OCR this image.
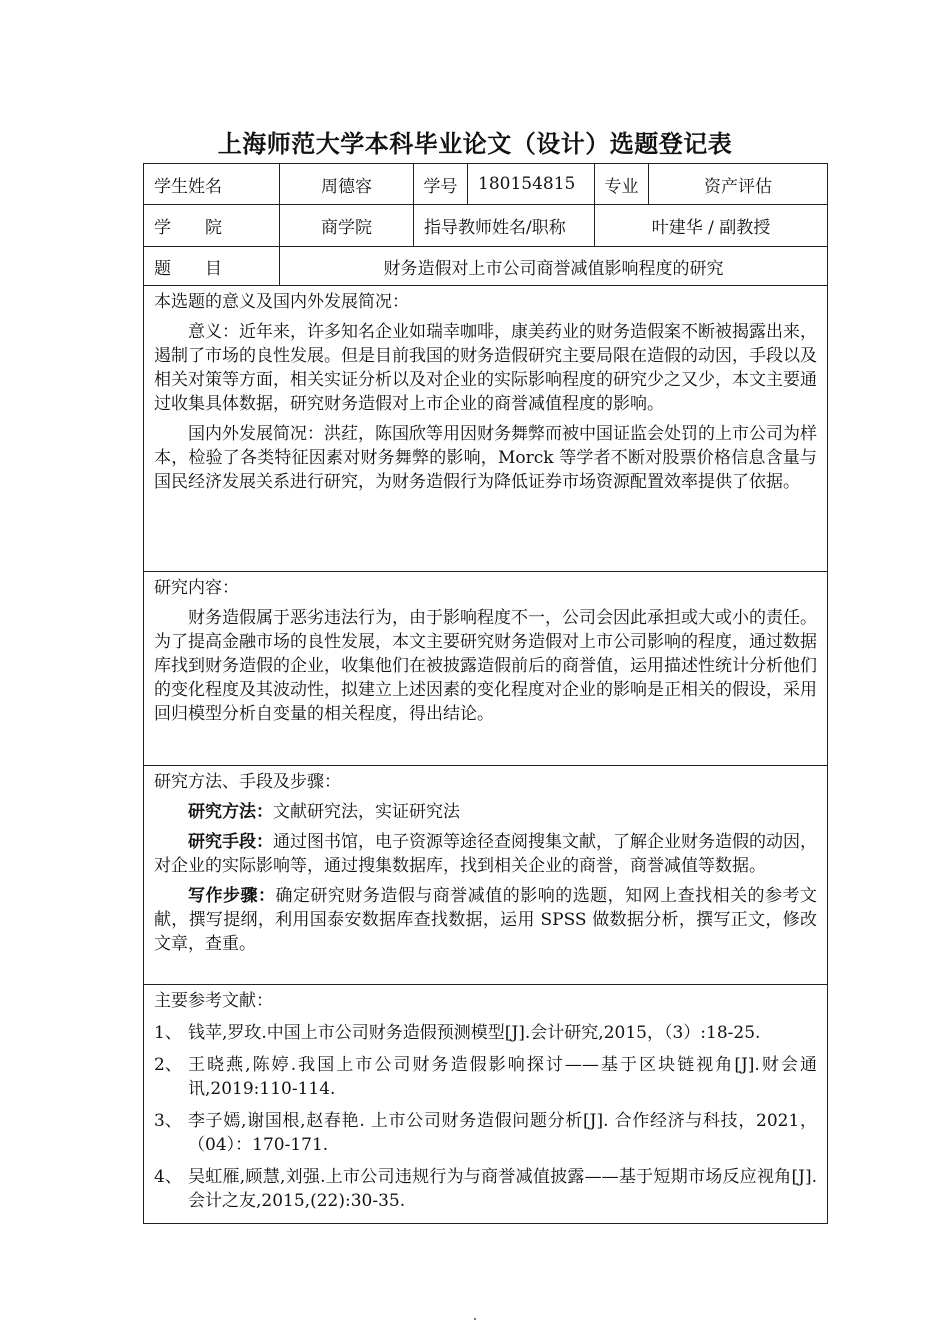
上海师范大学本科毕业论文（设计）选题登记表
学生姓名	周德容	学号	180154815	专业	资产评估
学　　院	商学院	指导教师姓名/职称	叶建华 / 副教授
题　　目	财务造假对上市公司商誉减值影响程度的研究

本选题的意义及国内外发展简况：

意义：近年来，许多知名企业如瑞幸咖啡，康美药业的财务造假案不断被揭露出来，遏制了市场的良性发展。但是目前我国的财务造假研究主要局限在造假的动因，手段以及相关对策等方面，相关实证分析以及对企业的实际影响程度的研究少之又少，本文主要通过收集具体数据，研究财务造假对上市企业的商誉减值程度的影响。

国内外发展简况：洪荭，陈国欣等用因财务舞弊而被中国证监会处罚的上市公司为样本，检验了各类特征因素对财务舞弊的影响，Morck 等学者不断对股票价格信息含量与国民经济发展关系进行研究，为财务造假行为降低证券市场资源配置效率提供了依据。

研究内容：

财务造假属于恶劣违法行为，由于影响程度不一，公司会因此承担或大或小的责任。为了提高金融市场的良性发展，本文主要研究财务造假对上市公司影响的程度，通过数据库找到财务造假的企业，收集他们在被披露造假前后的商誉值，运用描述性统计分析他们的变化程度及其波动性，拟建立上述因素的变化程度对企业的影响是正相关的假设，采用回归模型分析自变量的相关程度，得出结论。

研究方法、手段及步骤：

研究方法：文献研究法，实证研究法

研究手段：通过图书馆，电子资源等途径查阅搜集文献，了解企业财务造假的动因，对企业的实际影响等，通过搜集数据库，找到相关企业的商誉，商誉减值等数据。

写作步骤：确定研究财务造假与商誉减值的影响的选题，知网上查找相关的参考文献，撰写提纲，利用国泰安数据库查找数据，运用 SPSS 做数据分析，撰写正文，修改文章，查重。

主要参考文献：

1、 钱苹,罗玫.中国上市公司财务造假预测模型[J].会计研究,2015，（3）:18-25.
2、 王晓燕,陈婷.我国上市公司财务造假影响探讨——基于区块链视角[J].财会通讯,2019:110-114.
3、 李子嫣,谢国根,赵春艳. 上市公司财务造假问题分析[J]. 合作经济与科技，2021，（04）：170-171.
4、 吴虹雁,顾慧,刘强.上市公司违规行为与商誉减值披露——基于短期市场反应视角[J].会计之友,2015,(22):30-35.
